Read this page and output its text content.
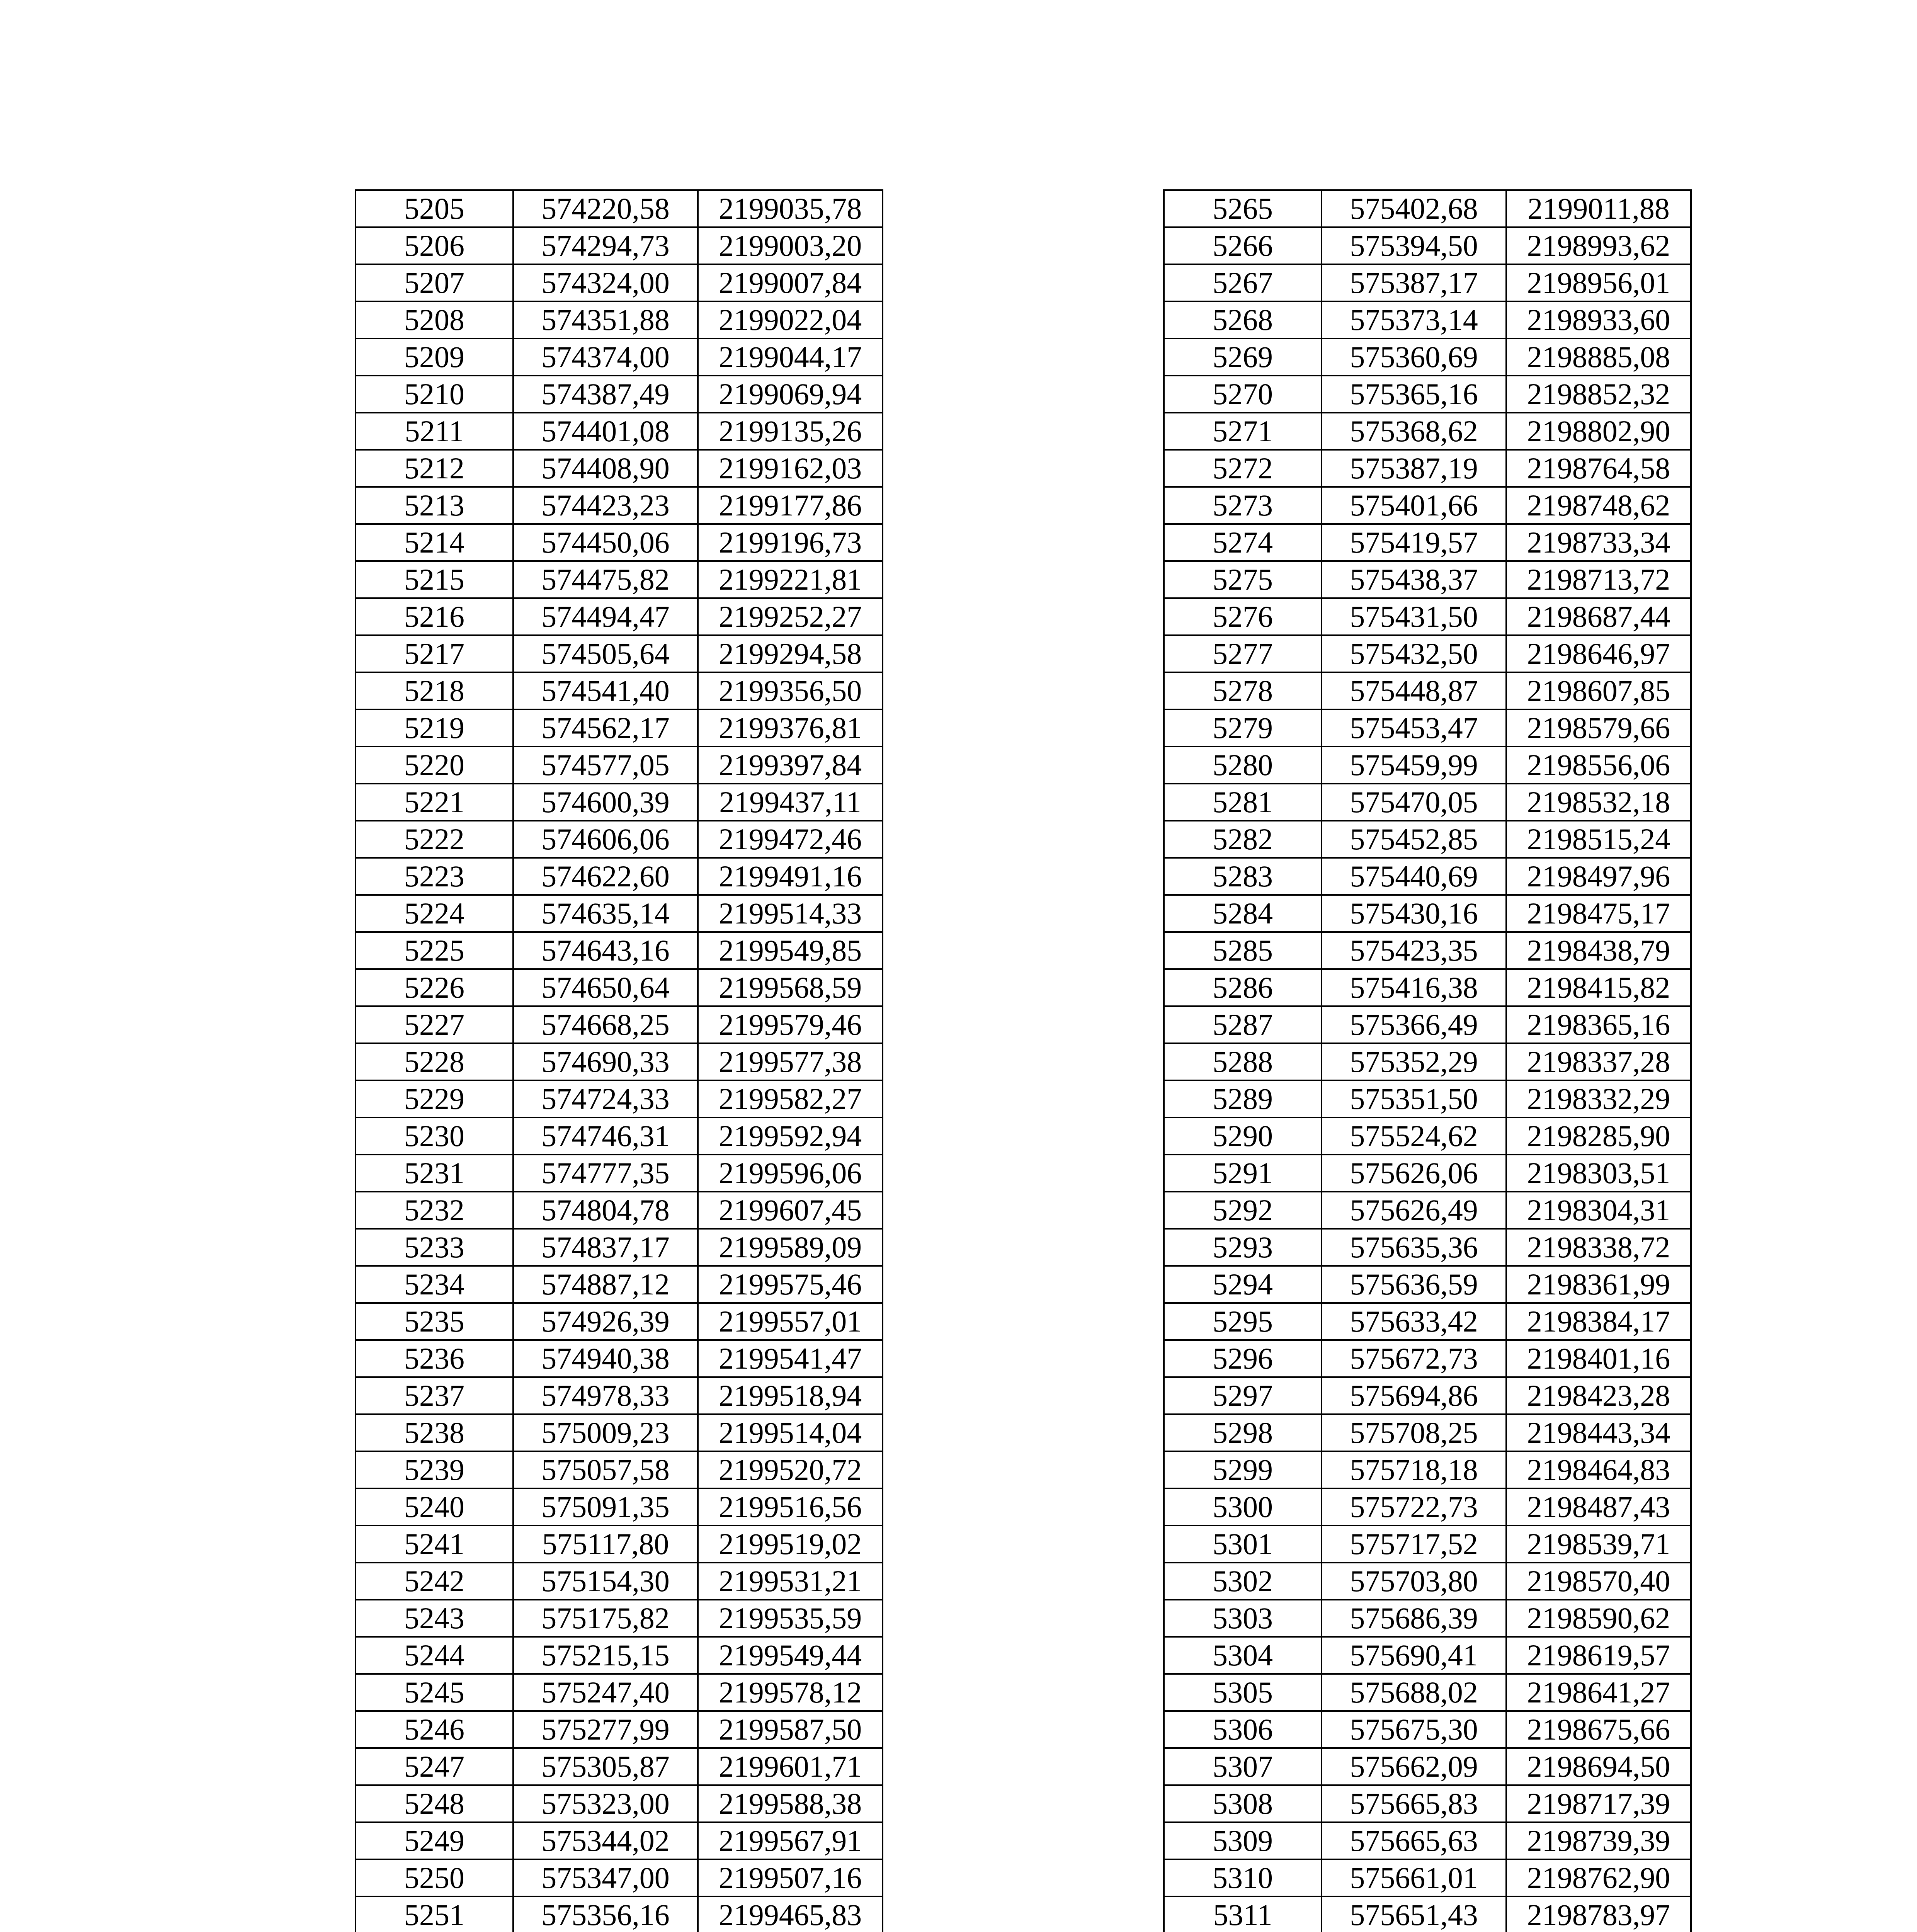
5205	574220,58	2199035,78
5206	574294,73	2199003,20
5207	574324,00	2199007,84
5208	574351,88	2199022,04
5209	574374,00	2199044,17
5210	574387,49	2199069,94
5211	574401,08	2199135,26
5212	574408,90	2199162,03
5213	574423,23	2199177,86
5214	574450,06	2199196,73
5215	574475,82	2199221,81
5216	574494,47	2199252,27
5217	574505,64	2199294,58
5218	574541,40	2199356,50
5219	574562,17	2199376,81
5220	574577,05	2199397,84
5221	574600,39	2199437,11
5222	574606,06	2199472,46
5223	574622,60	2199491,16
5224	574635,14	2199514,33
5225	574643,16	2199549,85
5226	574650,64	2199568,59
5227	574668,25	2199579,46
5228	574690,33	2199577,38
5229	574724,33	2199582,27
5230	574746,31	2199592,94
5231	574777,35	2199596,06
5232	574804,78	2199607,45
5233	574837,17	2199589,09
5234	574887,12	2199575,46
5235	574926,39	2199557,01
5236	574940,38	2199541,47
5237	574978,33	2199518,94
5238	575009,23	2199514,04
5239	575057,58	2199520,72
5240	575091,35	2199516,56
5241	575117,80	2199519,02
5242	575154,30	2199531,21
5243	575175,82	2199535,59
5244	575215,15	2199549,44
5245	575247,40	2199578,12
5246	575277,99	2199587,50
5247	575305,87	2199601,71
5248	575323,00	2199588,38
5249	575344,02	2199567,91
5250	575347,00	2199507,16
5251	575356,16	2199465,83

5265	575402,68	2199011,88
5266	575394,50	2198993,62
5267	575387,17	2198956,01
5268	575373,14	2198933,60
5269	575360,69	2198885,08
5270	575365,16	2198852,32
5271	575368,62	2198802,90
5272	575387,19	2198764,58
5273	575401,66	2198748,62
5274	575419,57	2198733,34
5275	575438,37	2198713,72
5276	575431,50	2198687,44
5277	575432,50	2198646,97
5278	575448,87	2198607,85
5279	575453,47	2198579,66
5280	575459,99	2198556,06
5281	575470,05	2198532,18
5282	575452,85	2198515,24
5283	575440,69	2198497,96
5284	575430,16	2198475,17
5285	575423,35	2198438,79
5286	575416,38	2198415,82
5287	575366,49	2198365,16
5288	575352,29	2198337,28
5289	575351,50	2198332,29
5290	575524,62	2198285,90
5291	575626,06	2198303,51
5292	575626,49	2198304,31
5293	575635,36	2198338,72
5294	575636,59	2198361,99
5295	575633,42	2198384,17
5296	575672,73	2198401,16
5297	575694,86	2198423,28
5298	575708,25	2198443,34
5299	575718,18	2198464,83
5300	575722,73	2198487,43
5301	575717,52	2198539,71
5302	575703,80	2198570,40
5303	575686,39	2198590,62
5304	575690,41	2198619,57
5305	575688,02	2198641,27
5306	575675,30	2198675,66
5307	575662,09	2198694,50
5308	575665,83	2198717,39
5309	575665,63	2198739,39
5310	575661,01	2198762,90
5311	575651,43	2198783,97
